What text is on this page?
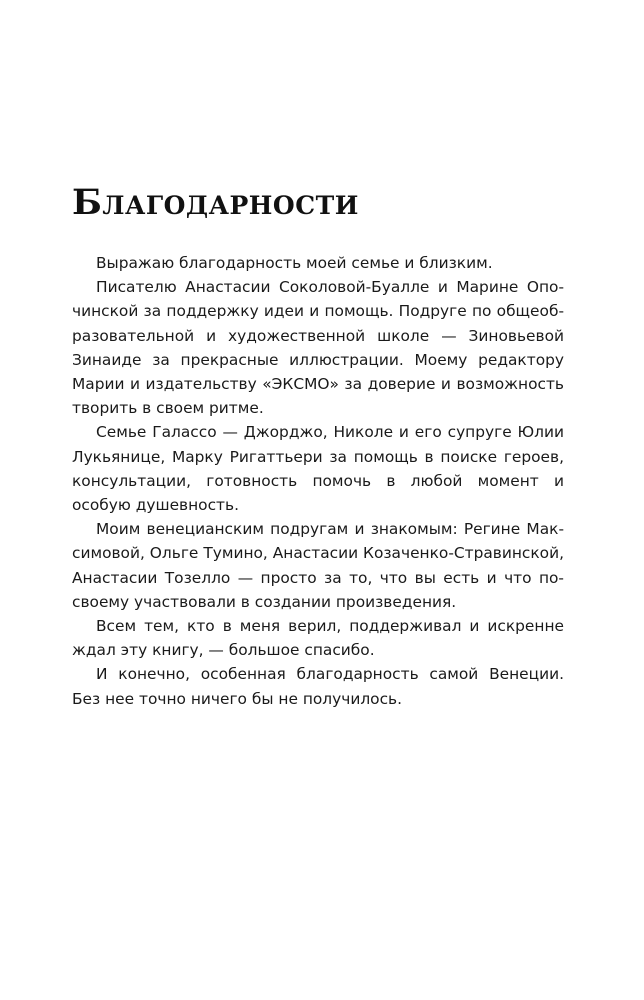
Благодарности

Выражаю благодарность моей семье и близким.

Писателю Анастасии Соколовой-Буалле и Марине Опочинской за поддержку идеи и помощь. Подруге по общеобразовательной и художественной школе — Зиновьевой Зинаиде за прекрасные иллюстрации. Моему редактору Марии и издательству «ЭКСМО» за доверие и возможность творить в своем ритме.

Семье Галассо — Джорджо, Николе и его супруге Юлии Лукьянице, Марку Ригаттьери за помощь в поиске героев, консультации, готовность помочь в любой момент и особую душевность.

Моим венецианским подругам и знакомым: Регине Максимовой, Ольге Тумино, Анастасии Козаченко-Стравинской, Анастасии Тозелло — просто за то, что вы есть и что по-своему участвовали в создании произведения.

Всем тем, кто в меня верил, поддерживал и искренне ждал эту книгу, — большое спасибо.

И конечно, особенная благодарность самой Венеции. Без нее точно ничего бы не получилось.
